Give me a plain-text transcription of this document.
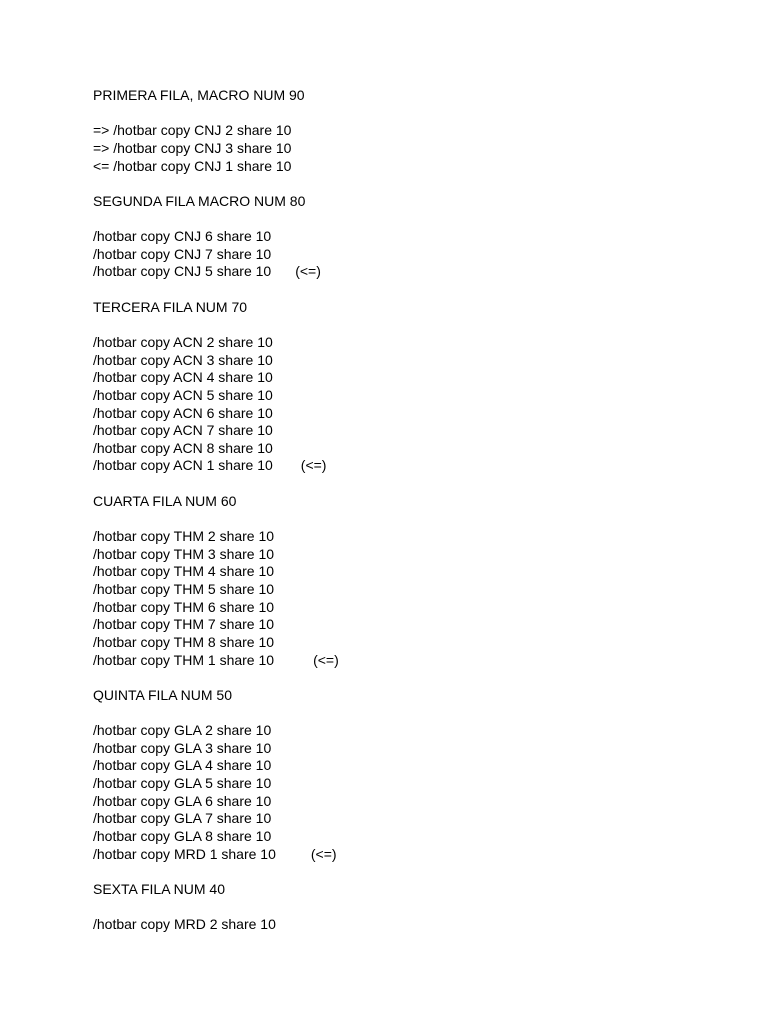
PRIMERA FILA, MACRO NUM 90
=> /hotbar copy CNJ 2 share 10
=> /hotbar copy CNJ 3 share 10
<= /hotbar copy CNJ 1 share 10
SEGUNDA FILA MACRO NUM 80
/hotbar copy CNJ 6 share 10
/hotbar copy CNJ 7 share 10
/hotbar copy CNJ 5 share 10 (<=)
TERCERA FILA NUM 70
/hotbar copy ACN 2 share 10
/hotbar copy ACN 3 share 10
/hotbar copy ACN 4 share 10
/hotbar copy ACN 5 share 10
/hotbar copy ACN 6 share 10
/hotbar copy ACN 7 share 10
/hotbar copy ACN 8 share 10
/hotbar copy ACN 1 share 10 (<=)
CUARTA FILA NUM 60
/hotbar copy THM 2 share 10
/hotbar copy THM 3 share 10
/hotbar copy THM 4 share 10
/hotbar copy THM 5 share 10
/hotbar copy THM 6 share 10
/hotbar copy THM 7 share 10
/hotbar copy THM 8 share 10
/hotbar copy THM 1 share 10	(<=)
QUINTA FILA NUM 50
/hotbar copy GLA 2 share 10
/hotbar copy GLA 3 share 10
/hotbar copy GLA 4 share 10
/hotbar copy GLA 5 share 10
/hotbar copy GLA 6 share 10
/hotbar copy GLA 7 share 10
/hotbar copy GLA 8 share 10
/hotbar copy MRD 1 share 10	(<=)
SEXTA FILA NUM 40
/hotbar copy MRD 2 share 10
